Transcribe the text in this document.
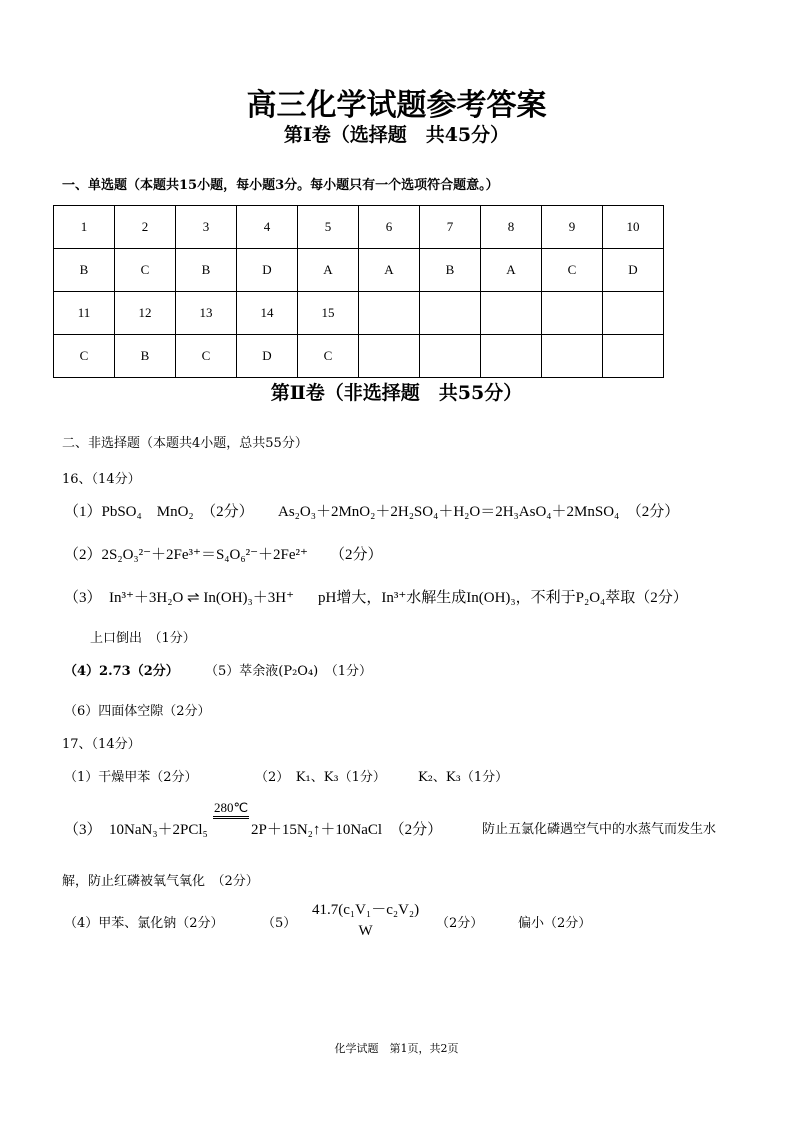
高三化学试题参考答案
第Ⅰ卷（选择题　共45分）
一、单选题（本题共15小题，每小题3分。每小题只有一个选项符合题意。）
1	2	3	4	5	6	7	8	9	10
B	C	B	D	A	A	B	A	C	D
11	12	13	14	15					
C	B	C	D	C					
第Ⅱ卷（非选择题　共55分）
二、非选择题（本题共4小题，总共55分）
16、（14分）
（1）PbSO₄　MnO₂　（2分） As₂O₃＋2MnO₂＋2H₂SO₄＋H₂O＝2H₃AsO₄＋2MnSO₄　（2分）
（2）2S₂O₃²⁻＋2Fe³⁺＝S₄O₆²⁻＋2Fe²⁺ （2分）
（3）　In³⁺＋3H₂O ⇌ In(OH)₃＋3H⁺ pH增大，In³⁺水解生成In(OH)₃，不利于P₂O₄萃取（2分）
上口倒出　（1分）
（4）2.73（2分） （5）萃余液(P₂O₄)　（1分）
（6）四面体空隙（2分）
17、（14分）
（1）干燥甲苯（2分）	（2）　K₁、K₃（1分） K₂、K₃（1分）
（3）　10NaN₃＋2PCl₅
280℃
2P＋15N₂↑＋10NaCl　（2分）	防止五氯化磷遇空气中的水蒸气而发生水
解，防止红磷被氧气氧化　（2分）
（4）甲苯、氯化钠（2分）	（5）
41.7(c₁V₁－c₂V₂)
W	（2分）	偏小（2分）
化学试题　第1页，共2页
